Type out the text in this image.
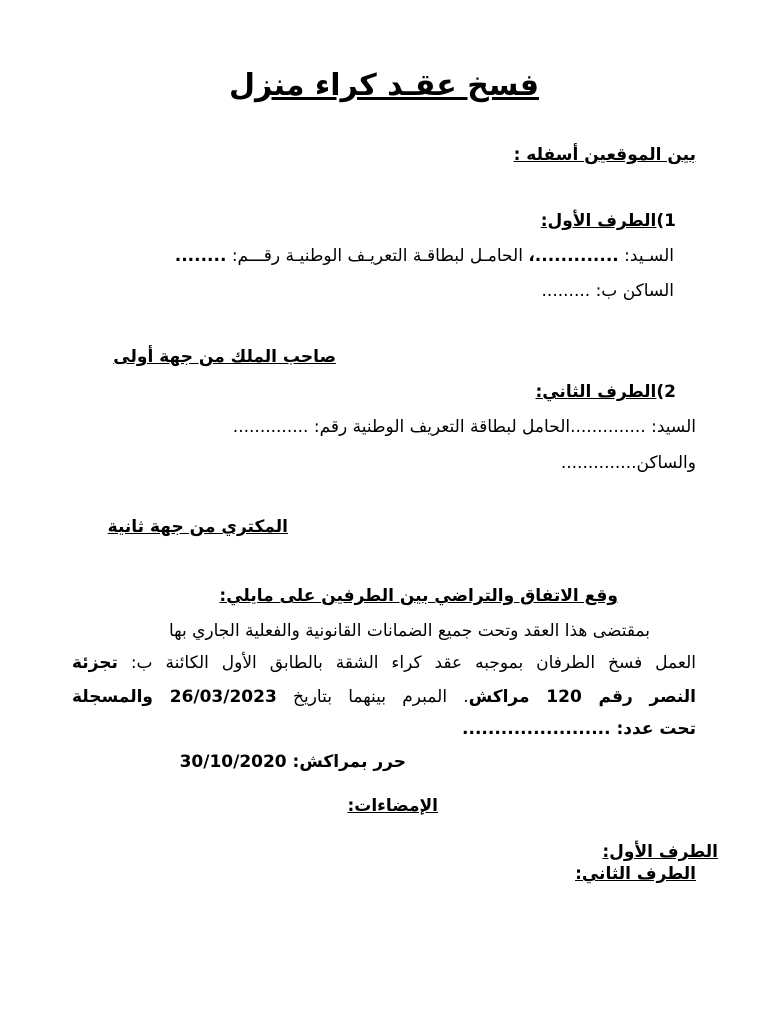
فسخ عقـد كراء منزل
بين الموقعين أسفله :
1)الطرف الأول:
السـيد: .............، الحامـل لبطاقـة التعريـف الوطنيـة رقـــم: ........
الساكن ب: .........
صاحب الملك من جهة أولى
2)الطرف الثاني:
السيد: ..............الحامل لبطاقة التعريف الوطنية رقم: ..............
والساكن..............
المكتري من جهة ثانية
وقع الاتفاق والتراضي بين الطرفين على مايلي:
بمقتضى هذا العقد وتحت جميع الضمانات القانونية والفعلية الجاري بها
العمل فسخ الطرفان بموجبه عقد كراء الشقة بالطابق الأول الكائنة ب: تجزئة
النصر رقم 120 مراكش. المبرم بينهما بتاريخ 26/03/2023 والمسجلة
تحت عدد: .......................
حرر بمراكش: 30/10/2020
الإمضاءات:
الطرف الأول:
الطرف الثاني:
